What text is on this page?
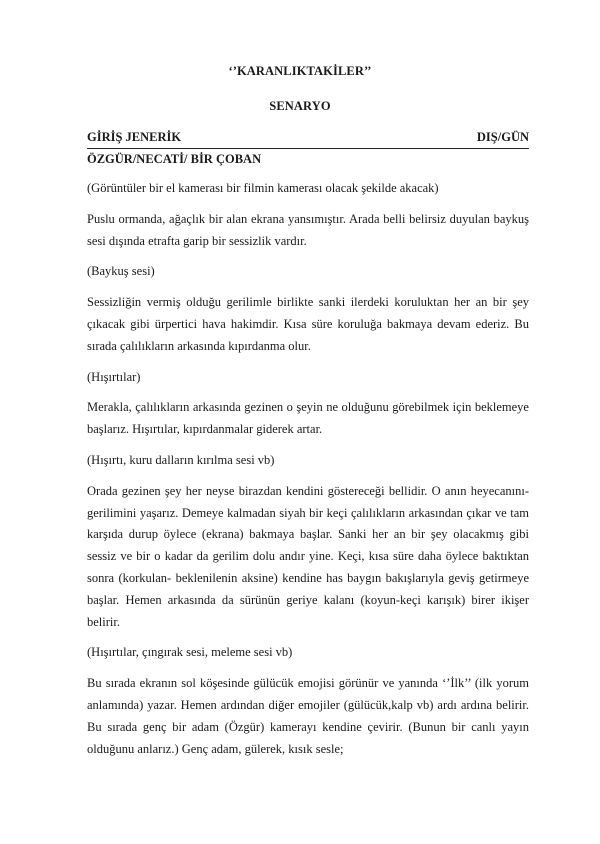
‘’KARANLIKTAKİLER’’
SENARYO
GİRİŞ JENERİK	DIŞ/GÜN
ÖZGÜR/NECATİ/ BİR ÇOBAN

(Görüntüler bir el kamerası bir filmin kamerası olacak şekilde akacak)

Puslu ormanda, ağaçlık bir alan ekrana yansımıştır. Arada belli belirsiz duyulan baykuş sesi dışında etrafta garip bir sessizlik vardır.

(Baykuş sesi)

Sessizliğin vermiş olduğu gerilimle birlikte sanki ilerdeki koruluktan her an bir şey çıkacak gibi ürpertici hava hakimdir. Kısa süre koruluğa bakmaya devam ederiz. Bu sırada çalılıkların arkasında kıpırdanma olur.

(Hışırtılar)

Merakla, çalılıkların arkasında gezinen o şeyin ne olduğunu görebilmek için beklemeye başlarız. Hışırtılar, kıpırdanmalar giderek artar.

(Hışırtı, kuru dalların kırılma sesi vb)

Orada gezinen şey her neyse birazdan kendini göstereceği bellidir. O anın heyecanını-gerilimini yaşarız. Demeye kalmadan siyah bir keçi çalılıkların arkasından çıkar ve tam karşıda durup öylece (ekrana) bakmaya başlar. Sanki her an bir şey olacakmış gibi sessiz ve bir o kadar da gerilim dolu andır yine. Keçi, kısa süre daha öylece baktıktan sonra (korkulan- beklenilenin aksine) kendine has baygın bakışlarıyla geviş getirmeye başlar. Hemen arkasında da sürünün geriye kalanı (koyun-keçi karışık) birer ikişer belirir.

(Hışırtılar, çıngırak sesi, meleme sesi vb)

Bu sırada ekranın sol köşesinde gülücük emojisi görünür ve yanında ‘’İlk’’ (ilk yorum anlamında) yazar. Hemen ardından diğer emojiler (gülücük,kalp vb) ardı ardına belirir. Bu sırada genç bir adam (Özgür) kamerayı kendine çevirir. (Bunun bir canlı yayın olduğunu anlarız.) Genç adam, gülerek, kısık sesle;
